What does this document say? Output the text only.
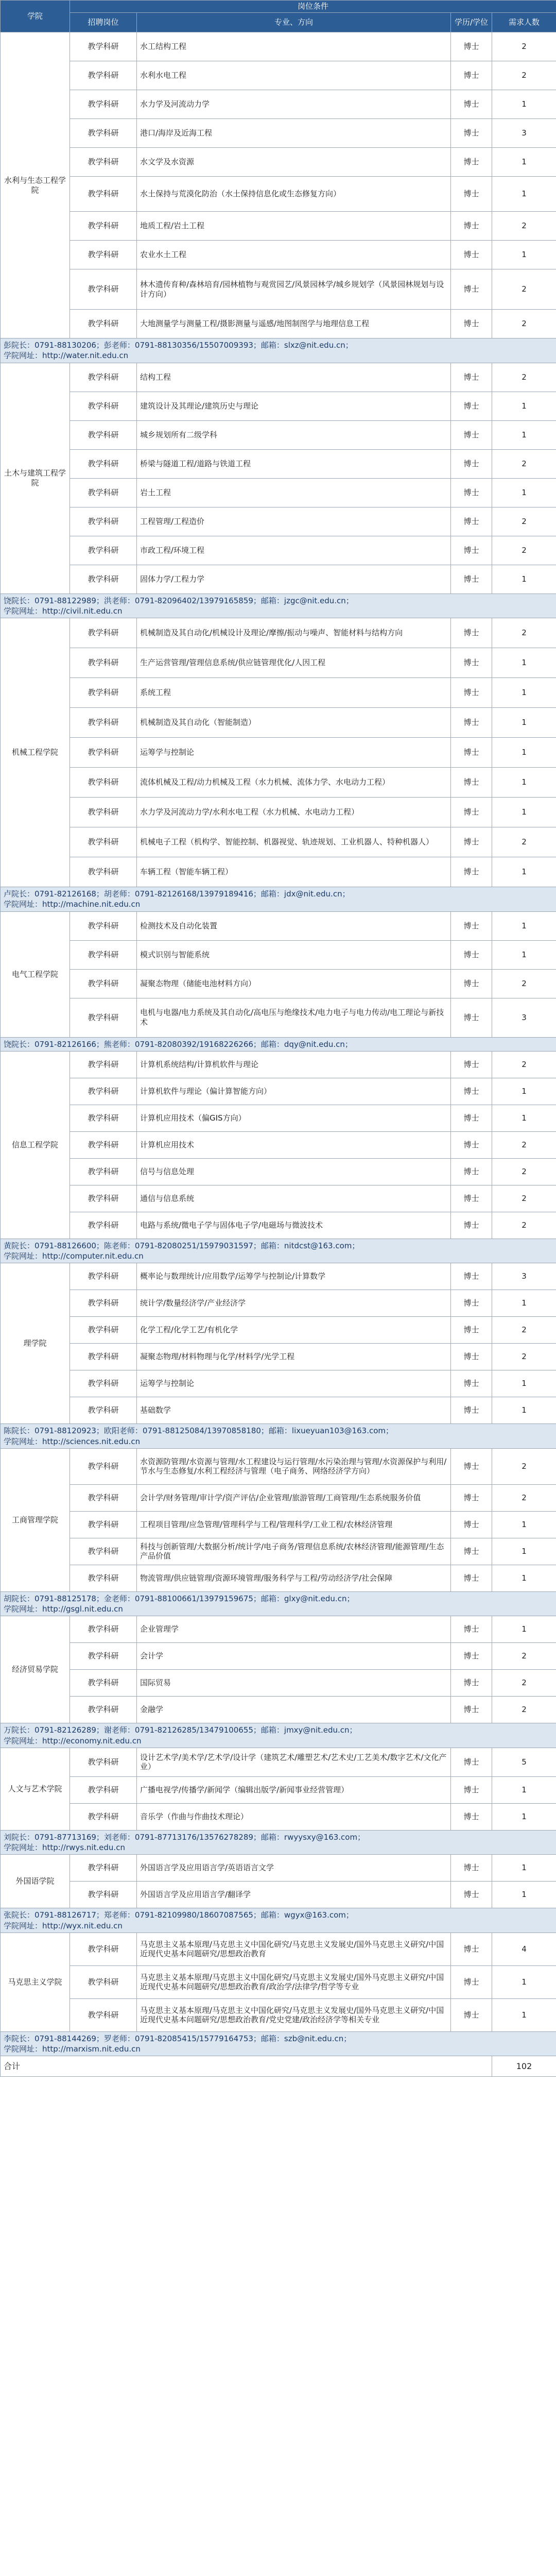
学院	岗位条件			
	招聘岗位	专业、方向	学历/学位	需求人数
水利与生态工程学院	教学科研	水工结构工程	博士	2
	教学科研	水利水电工程	博士	2
	教学科研	水力学及河流动力学	博士	1
	教学科研	港口/海岸及近海工程	博士	3
	教学科研	水文学及水资源	博士	1
	教学科研	水土保持与荒漠化防治（水土保持信息化或生态修复方向）	博士	1
	教学科研	地质工程/岩土工程	博士	2
	教学科研	农业水土工程	博士	1
	教学科研	林木遗传育种/森林培育/园林植物与观赏园艺/风景园林学/城乡规划学（风景园林规划与设计方向）	博士	2
	教学科研	大地测量学与测量工程/摄影测量与遥感/地图制图学与地理信息工程	博士	2

彭院长：0791-88130206；彭老师：0791-88130356/15507009393；邮箱：slxz@nit.edu.cn；
学院网址：http://water.nit.edu.cn				

土木与建筑工程学院	教学科研	结构工程	博士	2
	教学科研	建筑设计及其理论/建筑历史与理论	博士	1
	教学科研	城乡规划所有二级学科	博士	1
	教学科研	桥梁与隧道工程/道路与铁道工程	博士	2
	教学科研	岩土工程	博士	1
	教学科研	工程管理/工程造价	博士	2
	教学科研	市政工程/环境工程	博士	2
	教学科研	固体力学/工程力学	博士	1

饶院长：0791-88122989；洪老师：0791-82096402/13979165859；邮箱：jzgc@nit.edu.cn；
学院网址：http://civil.nit.edu.cn				

机械工程学院	教学科研	机械制造及其自动化/机械设计及理论/摩擦/振动与噪声、智能材料与结构方向	博士	2
	教学科研	生产运营管理/管理信息系统/供应链管理优化/人因工程	博士	1
	教学科研	系统工程	博士	1
	教学科研	机械制造及其自动化（智能制造）	博士	1
	教学科研	运筹学与控制论	博士	1
	教学科研	流体机械及工程/动力机械及工程（水力机械、流体力学、水电动力工程）	博士	1
	教学科研	水力学及河流动力学/水利水电工程（水力机械、水电动力工程）	博士	1
	教学科研	机械电子工程（机构学、智能控制、机器视觉、轨迹规划、工业机器人、特种机器人）	博士	2
	教学科研	车辆工程（智能车辆工程）	博士	1

卢院长：0791-82126168；胡老师：0791-82126168/13979189416；邮箱：jdx@nit.edu.cn；
学院网址：http://machine.nit.edu.cn				

电气工程学院	教学科研	检测技术及自动化装置	博士	1
	教学科研	模式识别与智能系统	博士	1
	教学科研	凝聚态物理（储能电池材料方向）	博士	2
	教学科研	电机与电器/电力系统及其自动化/高电压与绝缘技术/电力电子与电力传动/电工理论与新技术	博士	3

饶院长：0791-82126166；熊老师：0791-82080392/19168226266；邮箱：dqy@nit.edu.cn；				

信息工程学院	教学科研	计算机系统结构/计算机软件与理论	博士	2
	教学科研	计算机软件与理论（偏计算智能方向）	博士	1
	教学科研	计算机应用技术（偏GIS方向）	博士	1
	教学科研	计算机应用技术	博士	2
	教学科研	信号与信息处理	博士	2
	教学科研	通信与信息系统	博士	2
	教学科研	电路与系统/微电子学与固体电子学/电磁场与微波技术	博士	2

黄院长：0791-88126600；陈老师：0791-82080251/15979031597；邮箱：nitdcst@163.com；
学院网址：http://computer.nit.edu.cn				

理学院	教学科研	概率论与数理统计/应用数学/运筹学与控制论/计算数学	博士	3
	教学科研	统计学/数量经济学/产业经济学	博士	1
	教学科研	化学工程/化学工艺/有机化学	博士	2
	教学科研	凝聚态物理/材料物理与化学/材料学/光学工程	博士	2
	教学科研	运筹学与控制论	博士	1
	教学科研	基础数学	博士	1

陈院长：0791-88120923；欧阳老师：0791-88125084/13970858180；邮箱：lixueyuan103@163.com；
学院网址：http://sciences.nit.edu.cn				

工商管理学院	教学科研	水资源防管理/水资源与管理/水工程建设与运行管理/水污染治理与管理/水资源保护与利用/节水与生态修复/水利工程经济与管理（电子商务、网络经济学方向）	博士	2
	教学科研	会计学/财务管理/审计学/资产评估/企业管理/旅游管理/工商管理/生态系统服务价值	博士	2
	教学科研	工程项目管理/应急管理/管理科学与工程/管理科学/工业工程/农林经济管理	博士	1
	教学科研	科技与创新管理/大数据分析/统计学/电子商务/管理信息系统/农林经济管理/能源管理/生态产品价值	博士	1
	教学科研	物流管理/供应链管理/资源环境管理/服务科学与工程/劳动经济学/社会保障	博士	1

胡院长：0791-88125178；金老师：0791-88100661/13979159675；邮箱：glxy@nit.edu.cn；
学院网址：http://gsgl.nit.edu.cn				

经济贸易学院	教学科研	企业管理学	博士	1
	教学科研	会计学	博士	2
	教学科研	国际贸易	博士	2
	教学科研	金融学	博士	2

万院长：0791-82126289；谢老师：0791-82126285/13479100655；邮箱：jmxy@nit.edu.cn；
学院网址：http://economy.nit.edu.cn				

人文与艺术学院	教学科研	设计艺术学/美术学/艺术学/设计学（建筑艺术/雕塑艺术/艺术史/工艺美术/数字艺术/文化产业）	博士	5
	教学科研	广播电视学/传播学/新闻学（编辑出版学/新闻事业经营管理）	博士	1
	教学科研	音乐学（作曲与作曲技术理论）	博士	1

刘院长：0791-87713169；刘老师：0791-87713176/13576278289；邮箱：rwyysxy@163.com；
学院网址：http://rwys.nit.edu.cn				

外国语学院	教学科研	外国语言学及应用语言学/英语语言文学	博士	1
	教学科研	外国语言学及应用语言学/翻译学	博士	1

张院长：0791-88126717；郑老师：0791-82109980/18607087565；邮箱：wgyx@163.com；
学院网址：http://wyx.nit.edu.cn				

马克思主义学院	教学科研	马克思主义基本原理/马克思主义中国化研究/马克思主义发展史/国外马克思主义研究/中国近现代史基本问题研究/思想政治教育	博士	4
	教学科研	马克思主义基本原理/马克思主义中国化研究/马克思主义发展史/国外马克思主义研究/中国近现代史基本问题研究/思想政治教育/政治学/法律学/哲学等专业	博士	1
	教学科研	马克思主义基本原理/马克思主义中国化研究/马克思主义发展史/国外马克思主义研究/中国近现代史基本问题研究/思想政治教育/党史党建/政治经济学等相关专业	博士	1

李院长：0791-88144269；罗老师：0791-82085415/15779164753；邮箱：szb@nit.edu.cn；
学院网址：http://marxism.nit.edu.cn				

合计				102
